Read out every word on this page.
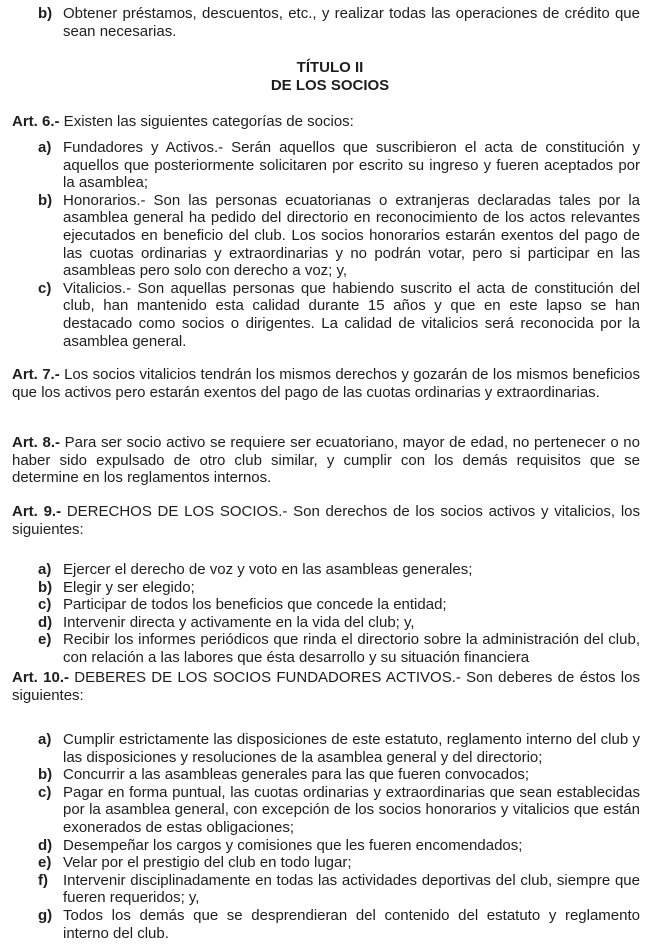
b) Obtener préstamos, descuentos, etc., y realizar todas las operaciones de crédito que sean necesarias.
TÍTULO II
DE LOS SOCIOS
Art. 6.- Existen las siguientes categorías de socios:
a) Fundadores y Activos.- Serán aquellos que suscribieron el acta de constitución y aquellos que posteriormente solicitaren por escrito su ingreso y fueren aceptados por la asamblea;
b) Honorarios.- Son las personas ecuatorianas o extranjeras declaradas tales por la asamblea general ha pedido del directorio en reconocimiento de los actos relevantes ejecutados en beneficio del club. Los socios honorarios estarán exentos del pago de las cuotas ordinarias y extraordinarias y no podrán votar, pero si participar en las asambleas pero solo con derecho a voz; y,
c) Vitalicios.- Son aquellas personas que habiendo suscrito el acta de constitución del club, han mantenido esta calidad durante 15 años y que en este lapso se han destacado como socios o dirigentes. La calidad de vitalicios será reconocida por la asamblea general.
Art. 7.- Los socios vitalicios tendrán los mismos derechos y gozarán de los mismos beneficios que los activos pero estarán exentos del pago de las cuotas ordinarias y extraordinarias.
Art. 8.- Para ser socio activo se requiere ser ecuatoriano, mayor de edad, no pertenecer o no haber sido expulsado de otro club similar, y cumplir con los demás requisitos que se determine en los reglamentos internos.
Art. 9.- DERECHOS DE LOS SOCIOS.- Son derechos de los socios activos y vitalicios, los siguientes:
a) Ejercer el derecho de voz y voto en las asambleas generales;
b) Elegir y ser elegido;
c) Participar de todos los beneficios que concede la entidad;
d) Intervenir directa y activamente en la vida del club; y,
e) Recibir los informes periódicos que rinda el directorio sobre la administración del club, con relación a las labores que ésta desarrollo y su situación financiera
Art. 10.- DEBERES DE LOS SOCIOS FUNDADORES ACTIVOS.- Son deberes de éstos los siguientes:
a) Cumplir estrictamente las disposiciones de este estatuto, reglamento interno del club y las disposiciones y resoluciones de la asamblea general y del directorio;
b) Concurrir a las asambleas generales para las que fueren convocados;
c) Pagar en forma puntual, las cuotas ordinarias y extraordinarias que sean establecidas por la asamblea general, con excepción de los socios honorarios y vitalicios que están exonerados de estas obligaciones;
d) Desempeñar los cargos y comisiones que les fueren encomendados;
e) Velar por el prestigio del club en todo lugar;
f) Intervenir disciplinadamente en todas las actividades deportivas del club, siempre que fueren requeridos; y,
g) Todos los demás que se desprendieran del contenido del estatuto y reglamento interno del club.
